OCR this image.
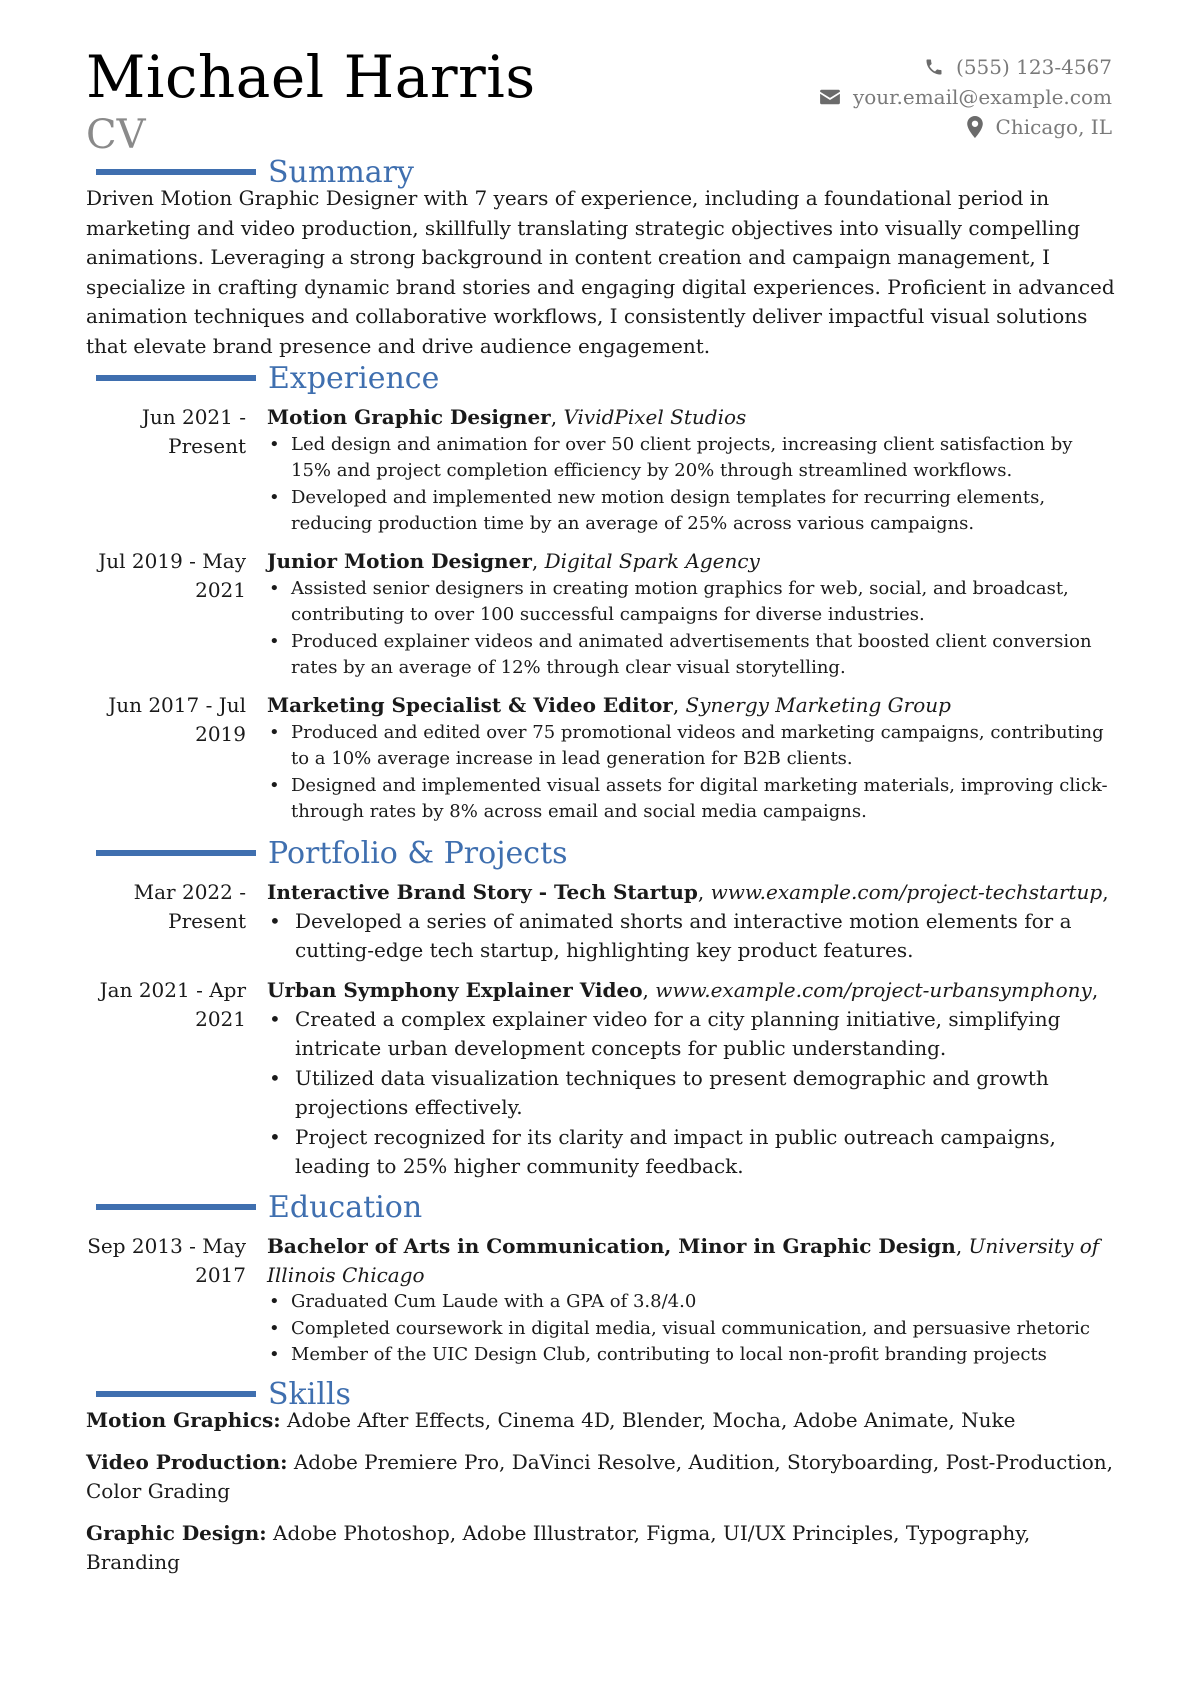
Michael Harris
CV
(555) 123-4567
your.email@example.com
Chicago, IL
Summary
Driven Motion Graphic Designer with 7 years of experience, including a foundational period in marketing and video production, skillfully translating strategic objectives into visually compelling animations. Leveraging a strong background in content creation and campaign management, I specialize in crafting dynamic brand stories and engaging digital experiences. Proficient in advanced animation techniques and collaborative workflows, I consistently deliver impactful visual solutions that elevate brand presence and drive audience engagement.
Experience
Jun 2021 - Present
Motion Graphic Designer, VividPixel Studios
• Led design and animation for over 50 client projects, increasing client satisfaction by 15% and project completion efficiency by 20% through streamlined workflows.
• Developed and implemented new motion design templates for recurring elements, reducing production time by an average of 25% across various campaigns.
Jul 2019 - May 2021
Junior Motion Designer, Digital Spark Agency
• Assisted senior designers in creating motion graphics for web, social, and broadcast, contributing to over 100 successful campaigns for diverse industries.
• Produced explainer videos and animated advertisements that boosted client conversion rates by an average of 12% through clear visual storytelling.
Jun 2017 - Jul 2019
Marketing Specialist & Video Editor, Synergy Marketing Group
• Produced and edited over 75 promotional videos and marketing campaigns, contributing to a 10% average increase in lead generation for B2B clients.
• Designed and implemented visual assets for digital marketing materials, improving click-through rates by 8% across email and social media campaigns.
Portfolio & Projects
Mar 2022 - Present
Interactive Brand Story - Tech Startup, www.example.com/project-techstartup,
• Developed a series of animated shorts and interactive motion elements for a cutting-edge tech startup, highlighting key product features.
Jan 2021 - Apr 2021
Urban Symphony Explainer Video, www.example.com/project-urbansymphony,
• Created a complex explainer video for a city planning initiative, simplifying intricate urban development concepts for public understanding.
• Utilized data visualization techniques to present demographic and growth projections effectively.
• Project recognized for its clarity and impact in public outreach campaigns, leading to 25% higher community feedback.
Education
Sep 2013 - May 2017
Bachelor of Arts in Communication, Minor in Graphic Design, University of Illinois Chicago
• Graduated Cum Laude with a GPA of 3.8/4.0
• Completed coursework in digital media, visual communication, and persuasive rhetoric
• Member of the UIC Design Club, contributing to local non-profit branding projects
Skills
Motion Graphics: Adobe After Effects, Cinema 4D, Blender, Mocha, Adobe Animate, Nuke
Video Production: Adobe Premiere Pro, DaVinci Resolve, Audition, Storyboarding, Post-Production, Color Grading
Graphic Design: Adobe Photoshop, Adobe Illustrator, Figma, UI/UX Principles, Typography, Branding
